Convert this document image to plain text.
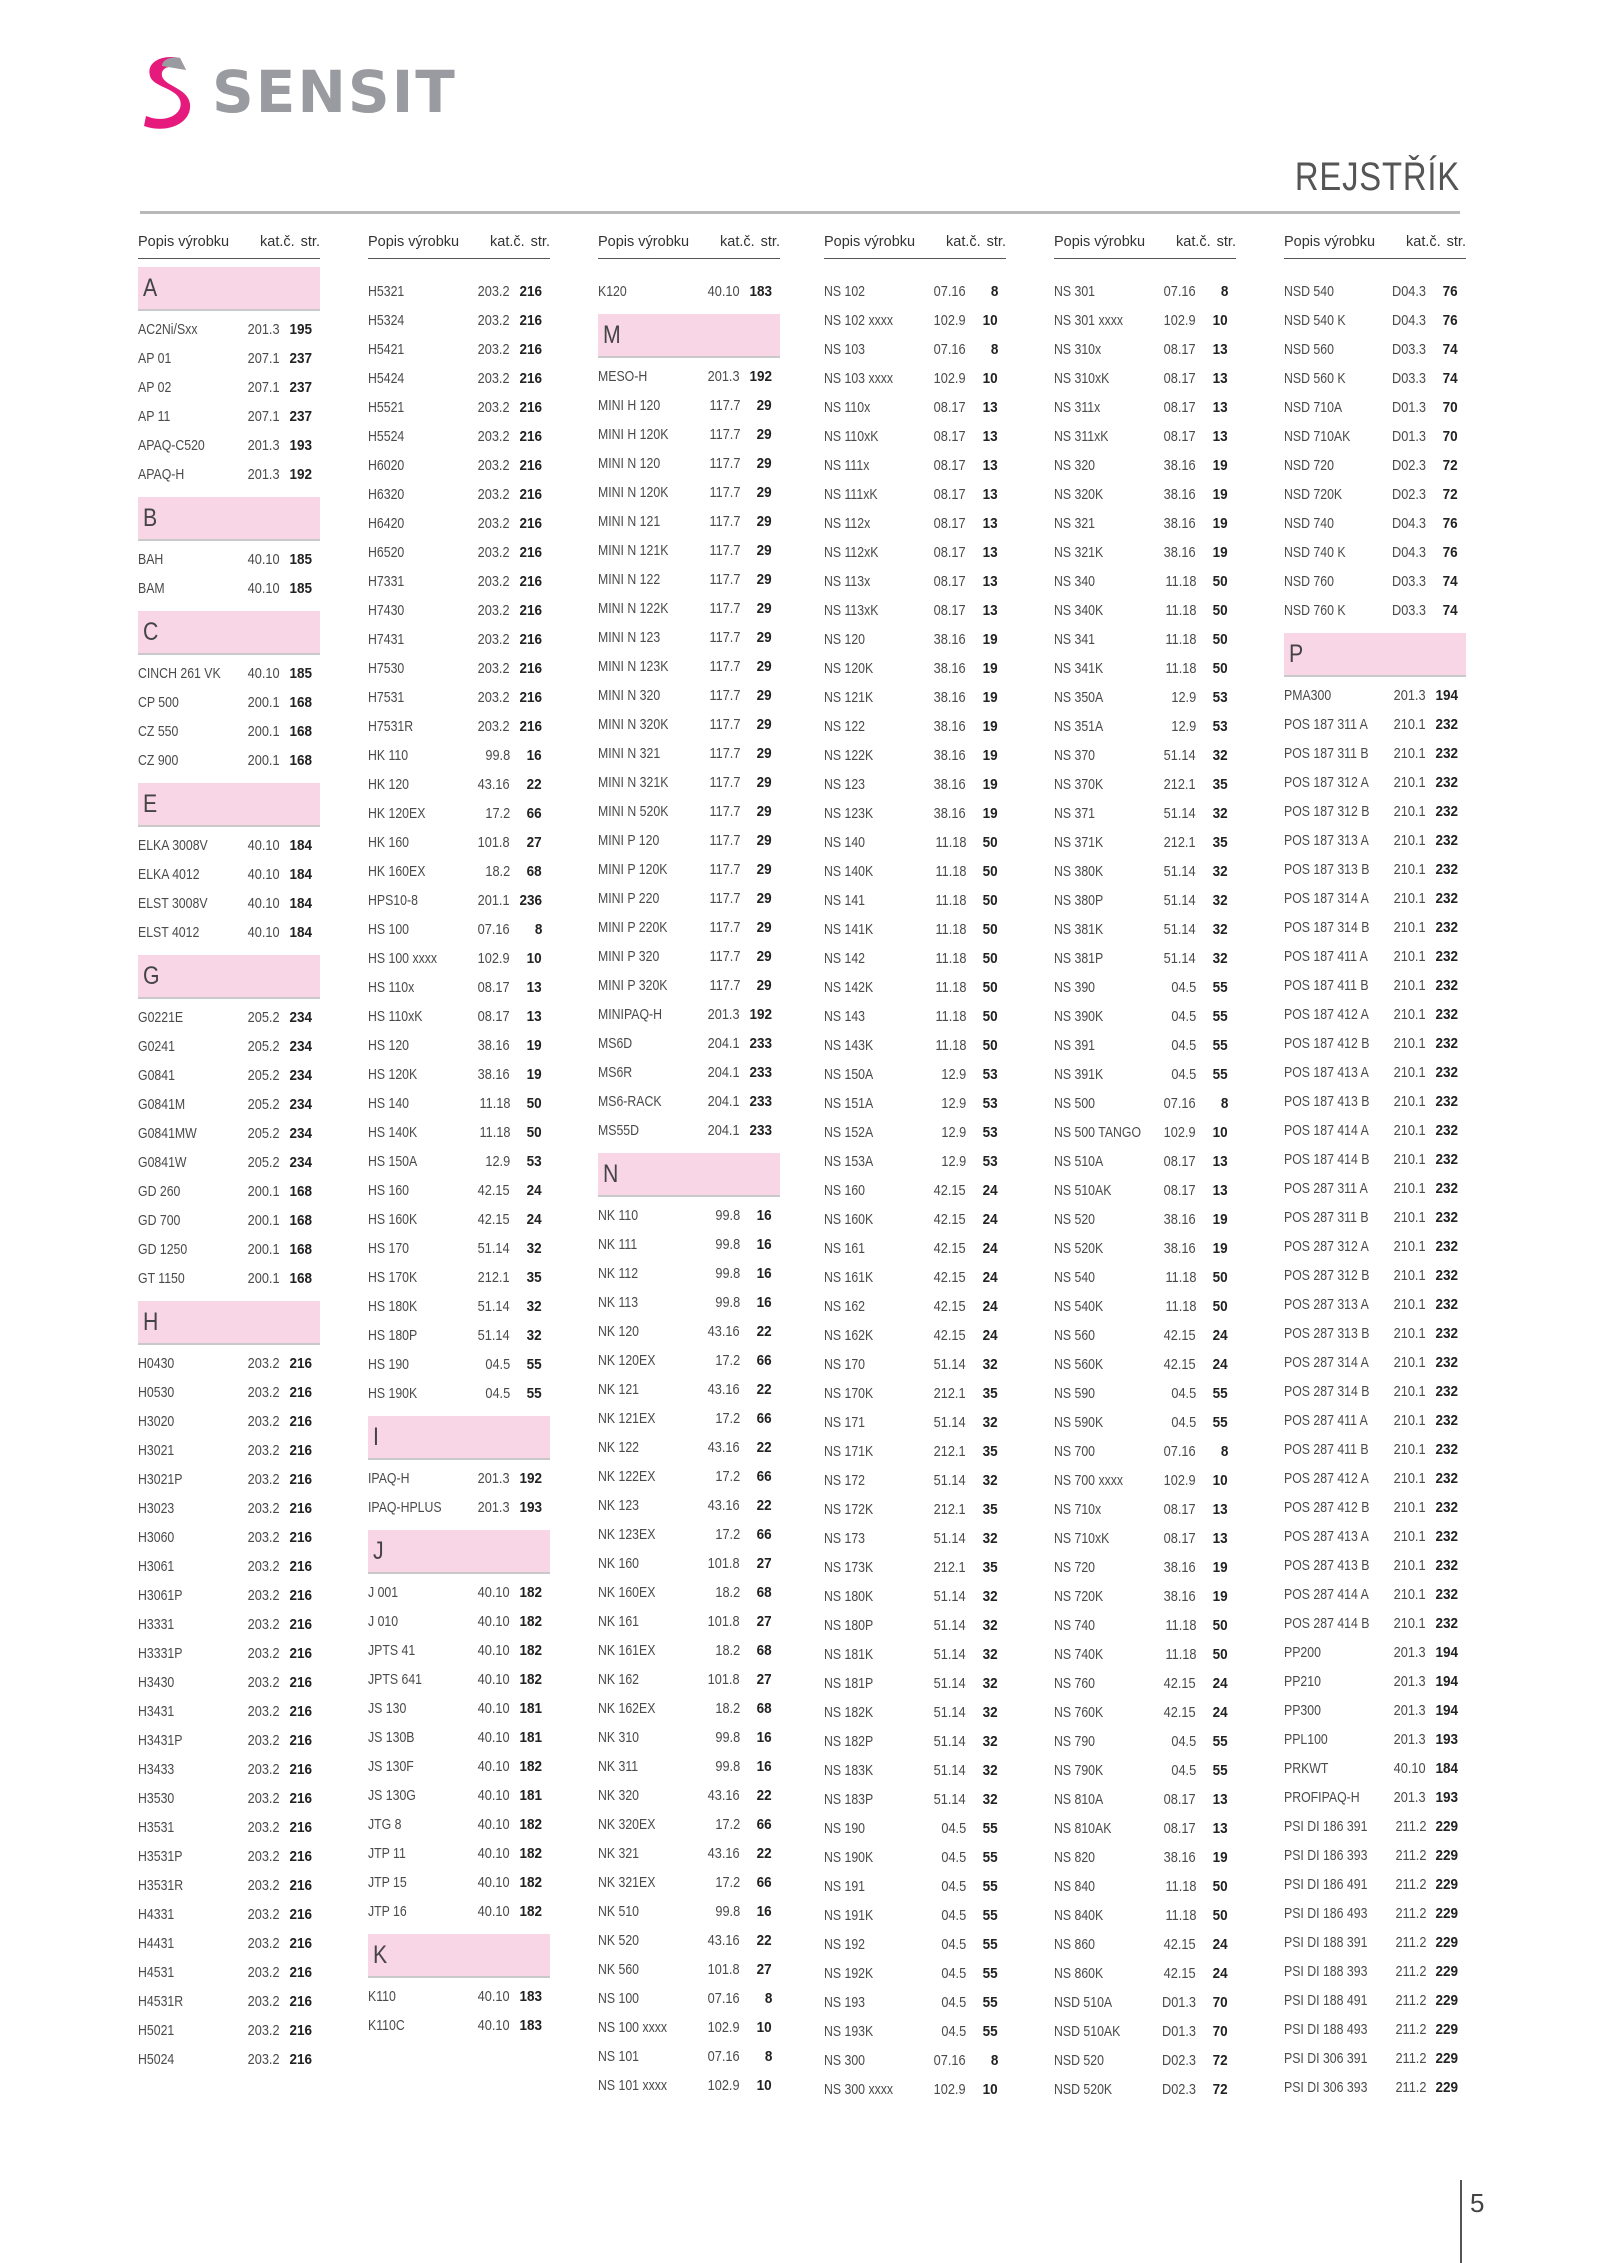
SENSIT
REJSTŘÍK
Popis výrobku kat.č. str.
A
AC2Ni/Sxx	201.3 195
AP 01	207.1 237
AP 02	207.1 237
AP 11	207.1 237
APAQ-C520	201.3 193
APAQ-H	201.3 192
B
BAH	40.10 185
BAM	40.10 185
C
CINCH 261 VK 40.10 185
CP 500	200.1 168
CZ 550	200.1 168
CZ 900	200.1 168
E
ELKA 3008V	40.10 184
ELKA 4012	40.10 184
ELST 3008V	40.10 184
ELST 4012	40.10 184
G
G0221E	205.2 234
G0241	205.2 234
G0841	205.2 234
G0841M	205.2 234
G0841MW	205.2 234
G0841W	205.2 234
GD 260	200.1 168
GD 700	200.1 168
GD 1250	200.1 168
GT 1150	200.1 168
H
H0430	203.2 216
H0530	203.2 216
H3020	203.2 216
H3021	203.2 216
H3021P	203.2 216
H3023	203.2 216
H3060	203.2 216
H3061	203.2 216
H3061P	203.2 216
H3331	203.2 216
H3331P	203.2 216
H3430	203.2 216
H3431	203.2 216
H3431P	203.2 216
H3433	203.2 216
H3530	203.2 216
H3531	203.2 216
H3531P	203.2 216
H3531R	203.2 216
H4331	203.2 216
H4431	203.2 216
H4531	203.2 216
H4531R	203.2 216
H5021	203.2 216
H5024	203.2 216
Popis výrobku kat.č. str.
H5321	203.2 216
H5324	203.2 216
H5421	203.2 216
H5424	203.2 216
H5521	203.2 216
H5524	203.2 216
H6020	203.2 216
H6320	203.2 216
H6420	203.2 216
H6520	203.2 216
H7331	203.2 216
H7430	203.2 216
H7431	203.2 216
H7530	203.2 216
H7531	203.2 216
H7531R	203.2 216
HK 110	99.8 16
HK 120	43.16 22
HK 120EX	17.2 66
HK 160	101.8 27
HK 160EX	18.2 68
HPS10-8	201.1 236
HS 100	07.16 8
HS 100 xxxx	102.9 10
HS 110x	08.17 13
HS 110xK	08.17 13
HS 120	38.16 19
HS 120K	38.16 19
HS 140	11.18 50
HS 140K	11.18 50
HS 150A	12.9 53
HS 160	42.15 24
HS 160K	42.15 24
HS 170	51.14 32
HS 170K	212.1 35
HS 180K	51.14 32
HS 180P	51.14 32
HS 190	04.5 55
HS 190K	04.5 55
I
IPAQ-H	201.3 192
IPAQ-HPLUS 201.3 193
J
J 001	40.10 182
J 010	40.10 182
JPTS 41	40.10 182
JPTS 641	40.10 182
JS 130	40.10 181
JS 130B	40.10 181
JS 130F	40.10 182
JS 130G	40.10 181
JTG 8	40.10 182
JTP 11	40.10 182
JTP 15	40.10 182
JTP 16	40.10 182
K
K110	40.10 183
K110C	40.10 183
Popis výrobku kat.č. str.
K120	40.10 183
M
MESO-H	201.3 192
MINI H 120	117.7 29
MINI H 120K	117.7 29
MINI N 120	117.7 29
MINI N 120K	117.7 29
MINI N 121	117.7 29
MINI N 121K	117.7 29
MINI N 122	117.7 29
MINI N 122K	117.7 29
MINI N 123	117.7 29
MINI N 123K	117.7 29
MINI N 320	117.7 29
MINI N 320K	117.7 29
MINI N 321	117.7 29
MINI N 321K	117.7 29
MINI N 520K	117.7 29
MINI P 120	117.7 29
MINI P 120K	117.7 29
MINI P 220	117.7 29
MINI P 220K	117.7 29
MINI P 320	117.7 29
MINI P 320K	117.7 29
MINIPAQ-H	201.3 192
MS6D	204.1 233
MS6R	204.1 233
MS6-RACK	204.1 233
MS55D	204.1 233
N
NK 110	99.8 16
NK 111	99.8 16
NK 112	99.8 16
NK 113	99.8 16
NK 120	43.16 22
NK 120EX	17.2 66
NK 121	43.16 22
NK 121EX	17.2 66
NK 122	43.16 22
NK 122EX	17.2 66
NK 123	43.16 22
NK 123EX	17.2 66
NK 160	101.8 27
NK 160EX	18.2 68
NK 161	101.8 27
NK 161EX	18.2 68
NK 162	101.8 27
NK 162EX	18.2 68
NK 310	99.8 16
NK 311	99.8 16
NK 320	43.16 22
NK 320EX	17.2 66
NK 321	43.16 22
NK 321EX	17.2 66
NK 510	99.8 16
NK 520	43.16 22
NK 560	101.8 27
NS 100	07.16 8
NS 100 xxxx	102.9 10
NS 101	07.16 8
NS 101 xxxx	102.9 10
Popis výrobku kat.č. str.
NS 102	07.16 8
NS 102 xxxx	102.9 10
NS 103	07.16 8
NS 103 xxxx	102.9 10
NS 110x	08.17 13
NS 110xK	08.17 13
NS 111x	08.17 13
NS 111xK	08.17 13
NS 112x	08.17 13
NS 112xK	08.17 13
NS 113x	08.17 13
NS 113xK	08.17 13
NS 120	38.16 19
NS 120K	38.16 19
NS 121K	38.16 19
NS 122	38.16 19
NS 122K	38.16 19
NS 123	38.16 19
NS 123K	38.16 19
NS 140	11.18 50
NS 140K	11.18 50
NS 141	11.18 50
NS 141K	11.18 50
NS 142	11.18 50
NS 142K	11.18 50
NS 143	11.18 50
NS 143K	11.18 50
NS 150A	12.9 53
NS 151A	12.9 53
NS 152A	12.9 53
NS 153A	12.9 53
NS 160	42.15 24
NS 160K	42.15 24
NS 161	42.15 24
NS 161K	42.15 24
NS 162	42.15 24
NS 162K	42.15 24
NS 170	51.14 32
NS 170K	212.1 35
NS 171	51.14 32
NS 171K	212.1 35
NS 172	51.14 32
NS 172K	212.1 35
NS 173	51.14 32
NS 173K	212.1 35
NS 180K	51.14 32
NS 180P	51.14 32
NS 181K	51.14 32
NS 181P	51.14 32
NS 182K	51.14 32
NS 182P	51.14 32
NS 183K	51.14 32
NS 183P	51.14 32
NS 190	04.5 55
NS 190K	04.5 55
NS 191	04.5 55
NS 191K	04.5 55
NS 192	04.5 55
NS 192K	04.5 55
NS 193	04.5 55
NS 193K	04.5 55
NS 300	07.16 8
NS 300 xxxx	102.9 10
Popis výrobku kat.č. str.
NS 301	07.16 8
NS 301 xxxx	102.9 10
NS 310x	08.17 13
NS 310xK	08.17 13
NS 311x	08.17 13
NS 311xK	08.17 13
NS 320	38.16 19
NS 320K	38.16 19
NS 321	38.16 19
NS 321K	38.16 19
NS 340	11.18 50
NS 340K	11.18 50
NS 341	11.18 50
NS 341K	11.18 50
NS 350A	12.9 53
NS 351A	12.9 53
NS 370	51.14 32
NS 370K	212.1 35
NS 371	51.14 32
NS 371K	212.1 35
NS 380K	51.14 32
NS 380P	51.14 32
NS 381K	51.14 32
NS 381P	51.14 32
NS 390	04.5 55
NS 390K	04.5 55
NS 391	04.5 55
NS 391K	04.5 55
NS 500	07.16 8
NS 500 TANGO 102.9 10
NS 510A	08.17 13
NS 510AK	08.17 13
NS 520	38.16 19
NS 520K	38.16 19
NS 540	11.18 50
NS 540K	11.18 50
NS 560	42.15 24
NS 560K	42.15 24
NS 590	04.5 55
NS 590K	04.5 55
NS 700	07.16 8
NS 700 xxxx	102.9 10
NS 710x	08.17 13
NS 710xK	08.17 13
NS 720	38.16 19
NS 720K	38.16 19
NS 740	11.18 50
NS 740K	11.18 50
NS 760	42.15 24
NS 760K	42.15 24
NS 790	04.5 55
NS 790K	04.5 55
NS 810A	08.17 13
NS 810AK	08.17 13
NS 820	38.16 19
NS 840	11.18 50
NS 840K	11.18 50
NS 860	42.15 24
NS 860K	42.15 24
NSD 510A	D01.3 70
NSD 510AK	D01.3 70
NSD 520	D02.3 72
NSD 520K	D02.3 72
Popis výrobku kat.č. str.
NSD 540	D04.3 76
NSD 540 K	D04.3 76
NSD 560	D03.3 74
NSD 560 K	D03.3 74
NSD 710A	D01.3 70
NSD 710AK	D01.3 70
NSD 720	D02.3 72
NSD 720K	D02.3 72
NSD 740	D04.3 76
NSD 740 K	D04.3 76
NSD 760	D03.3 74
NSD 760 K	D03.3 74
P
PMA300	201.3 194
POS 187 311 A 210.1 232
POS 187 311 B 210.1 232
POS 187 312 A 210.1 232
POS 187 312 B 210.1 232
POS 187 313 A 210.1 232
POS 187 313 B 210.1 232
POS 187 314 A 210.1 232
POS 187 314 B 210.1 232
POS 187 411 A 210.1 232
POS 187 411 B 210.1 232
POS 187 412 A 210.1 232
POS 187 412 B 210.1 232
POS 187 413 A 210.1 232
POS 187 413 B 210.1 232
POS 187 414 A 210.1 232
POS 187 414 B 210.1 232
POS 287 311 A 210.1 232
POS 287 311 B 210.1 232
POS 287 312 A 210.1 232
POS 287 312 B 210.1 232
POS 287 313 A 210.1 232
POS 287 313 B 210.1 232
POS 287 314 A 210.1 232
POS 287 314 B 210.1 232
POS 287 411 A 210.1 232
POS 287 411 B 210.1 232
POS 287 412 A 210.1 232
POS 287 412 B 210.1 232
POS 287 413 A 210.1 232
POS 287 413 B 210.1 232
POS 287 414 A 210.1 232
POS 287 414 B 210.1 232
PP200	201.3 194
PP210	201.3 194
PP300	201.3 194
PPL100	201.3 193
PRKWT	40.10 184
PROFIPAQ-H 201.3 193
PSI DI 186 391 211.2 229
PSI DI 186 393 211.2 229
PSI DI 186 491 211.2 229
PSI DI 186 493 211.2 229
PSI DI 188 391 211.2 229
PSI DI 188 393 211.2 229
PSI DI 188 491 211.2 229
PSI DI 188 493 211.2 229
PSI DI 306 391 211.2 229
PSI DI 306 393 211.2 229
5
